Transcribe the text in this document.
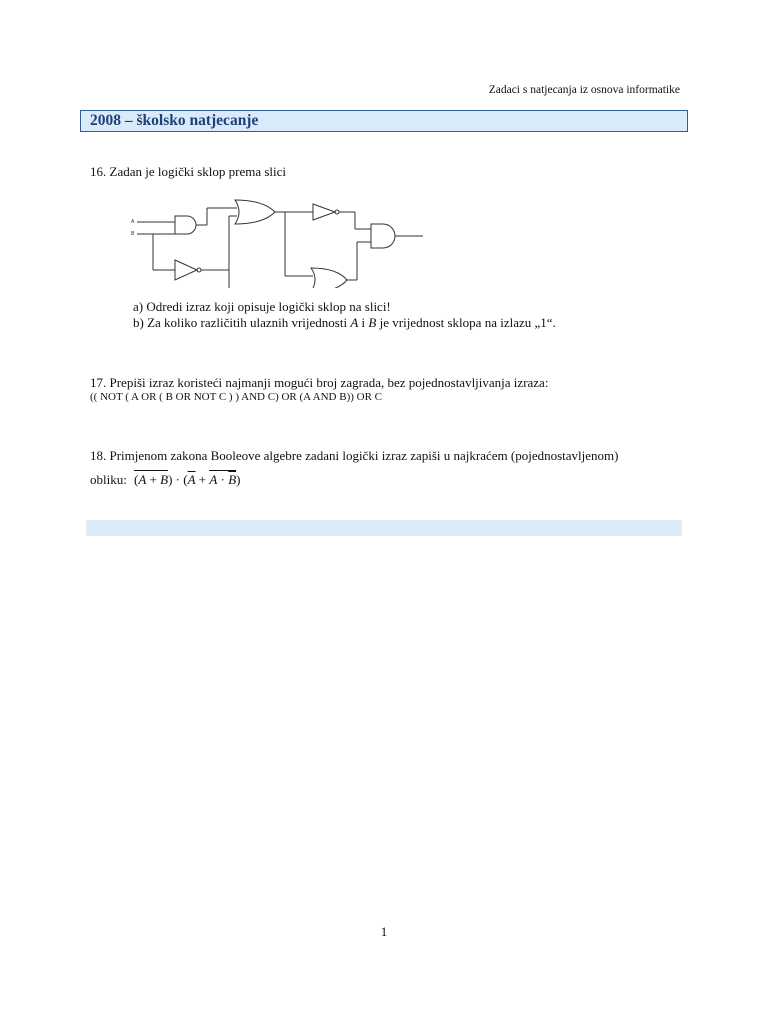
Zadaci s natjecanja iz osnova informatike
2008 – školsko natjecanje
16. Zadan je logički sklop prema slici
A
B
a) Odredi izraz koji opisuje logički sklop na slici!
b) Za koliko različitih ulaznih vrijednosti A i B je vrijednost sklopa na izlazu „1“.
17. Prepiši izraz koristeći najmanji mogući broj zagrada, bez pojednostavljivanja izraza:
(( NOT ( A OR ( B OR NOT C ) ) AND C) OR (A AND B)) OR C
18. Primjenom zakona Booleove algebre zadani logički izraz zapiši u najkraćem (pojednostavljenom)
obliku: $(A + B) \cdot (\overline{A} + A \cdot \overline{B})$
1
